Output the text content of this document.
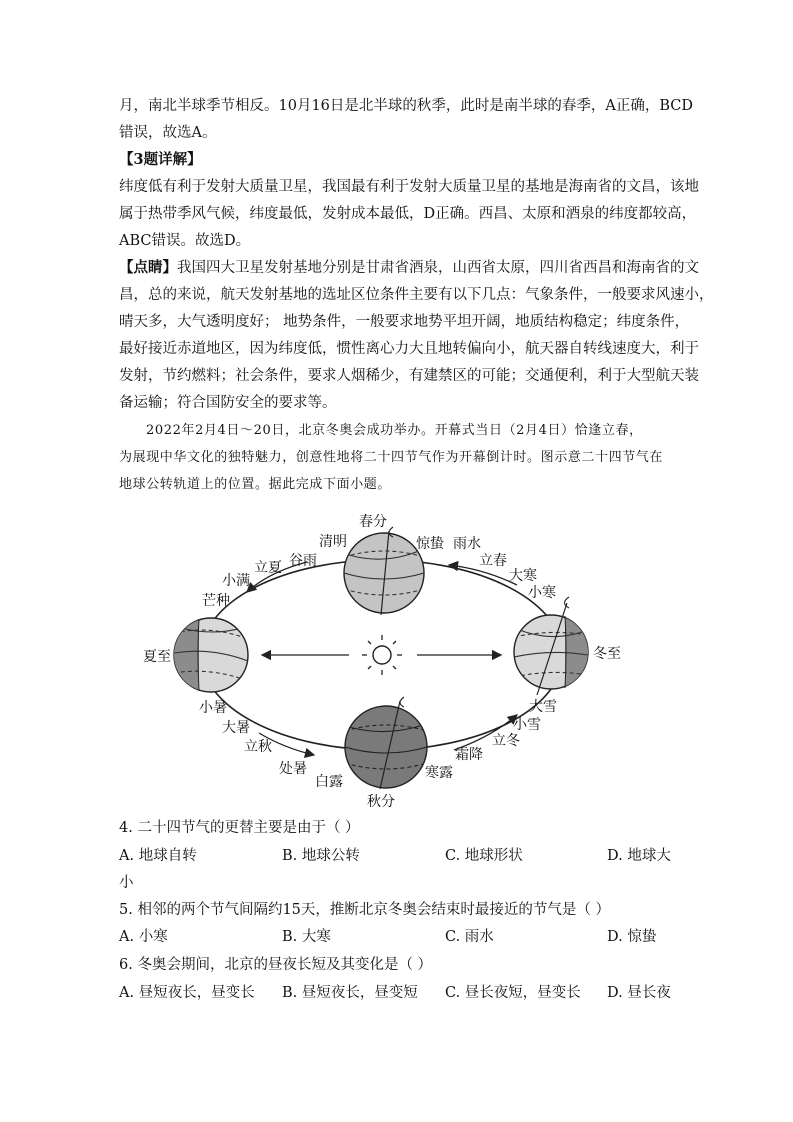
月，南北半球季节相反。10月16日是北半球的秋季，此时是南半球的春季，A正确，BCD
错误，故选A。
【3题详解】
纬度低有利于发射大质量卫星，我国最有利于发射大质量卫星的基地是海南省的文昌，该地
属于热带季风气候，纬度最低，发射成本最低，D正确。西昌、太原和酒泉的纬度都较高，
ABC错误。故选D。
【点睛】我国四大卫星发射基地分别是甘肃省酒泉，山西省太原，四川省西昌和海南省的文
昌，总的来说，航天发射基地的选址区位条件主要有以下几点：气象条件，一般要求风速小，
晴天多，大气透明度好； 地势条件，一般要求地势平坦开阔，地质结构稳定；纬度条件，
最好接近赤道地区，因为纬度低，惯性离心力大且地转偏向小，航天器自转线速度大，利于
发射，节约燃料；社会条件，要求人烟稀少，有建禁区的可能；交通便利，利于大型航天装
备运输；符合国防安全的要求等。
2022年2月4日～20日，北京冬奥会成功举办。开幕式当日（2月4日）恰逢立春，
为展现中华文化的独特魅力，创意性地将二十四节气作为开幕倒计时。图示意二十四节气在
地球公转轨道上的位置。据此完成下面小题。
春分
清明
谷雨
立夏
小满
芒种
夏至
小暑
大暑
立秋
处暑
白露
秋分
寒露
霜降
立冬
小雪
大雪
冬至
小寒
大寒
立春
雨水
惊蛰
4. 二十四节气的更替主要是由于（ ）
A. 地球自转	B. 地球公转	C. 地球形状	D. 地球大
小
5. 相邻的两个节气间隔约15天，推断北京冬奥会结束时最接近的节气是（ ）
A. 小寒	B. 大寒	C. 雨水	D. 惊蛰
6. 冬奥会期间，北京的昼夜长短及其变化是（ ）
A. 昼短夜长，昼变长 B. 昼短夜长，昼变短 C. 昼长夜短，昼变长 D. 昼长夜
